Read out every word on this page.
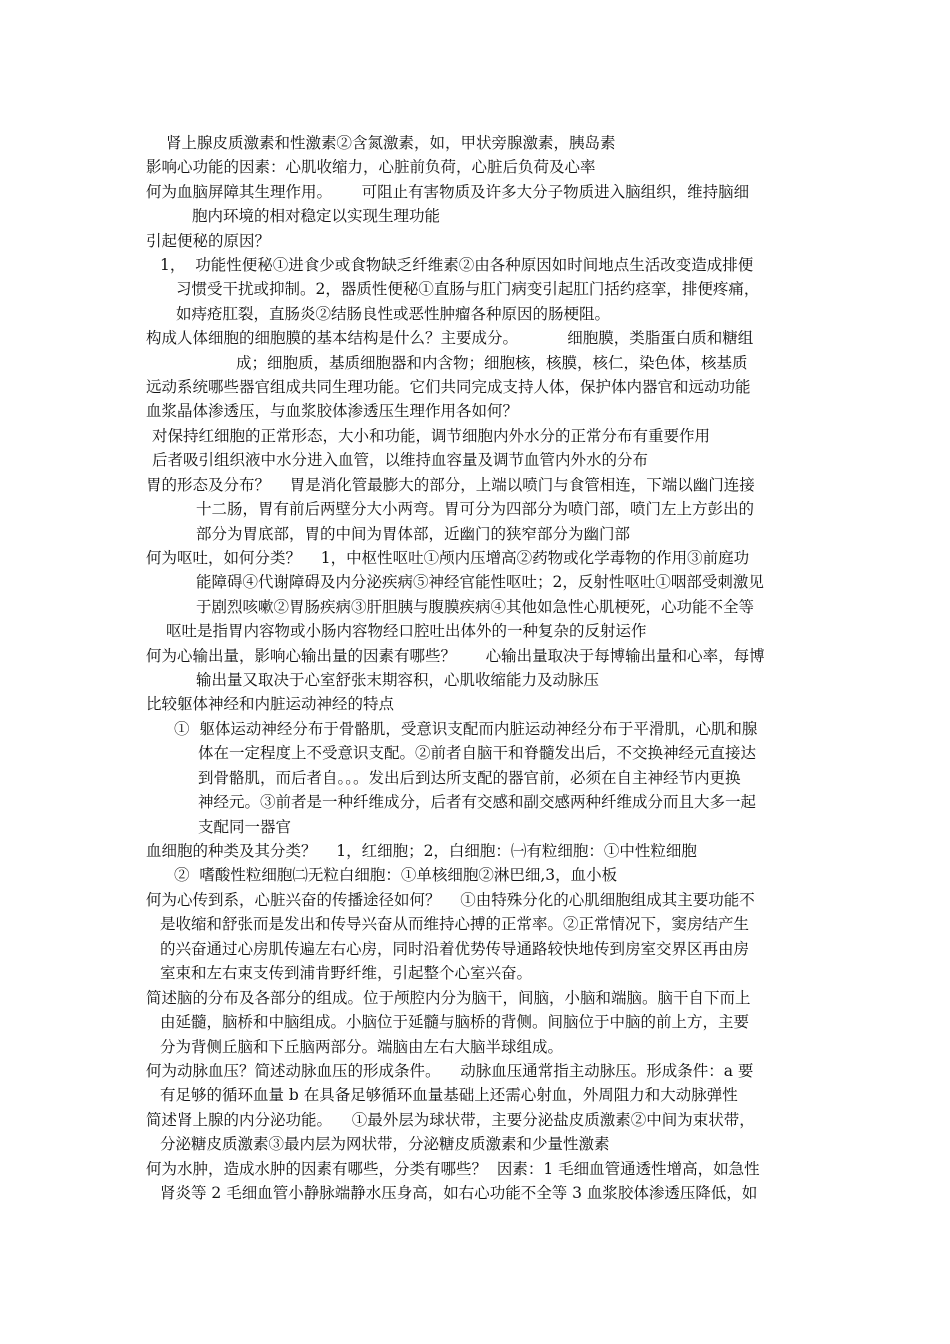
肾上腺皮质激素和性激素②含氮激素，如，甲状旁腺激素，胰岛素
影响心功能的因素：心肌收缩力，心脏前负荷，心脏后负荷及心率
何为血脑屏障其生理作用。      可阻止有害物质及许多大分子物质进入脑组织，维持脑细
胞内环境的相对稳定以实现生理功能
引起便秘的原因？
1，  功能性便秘①进食少或食物缺乏纤维素②由各种原因如时间地点生活改变造成排便
习惯受干扰或抑制。2，器质性便秘①直肠与肛门病变引起肛门括约痉挛，排便疼痛，
如痔疮肛裂，直肠炎②结肠良性或恶性肿瘤各种原因的肠梗阻。
构成人体细胞的细胞膜的基本结构是什么？主要成分。          细胞膜，类脂蛋白质和糖组
成；细胞质，基质细胞器和内含物；细胞核，核膜，核仁，染色体，核基质
远动系统哪些器官组成共同生理功能。它们共同完成支持人体，保护体内器官和远动功能
血浆晶体渗透压，与血浆胶体渗透压生理作用各如何？
对保持红细胞的正常形态，大小和功能，调节细胞内外水分的正常分布有重要作用
后者吸引组织液中水分进入血管，以维持血容量及调节血管内外水的分布
胃的形态及分布？    胃是消化管最膨大的部分，上端以喷门与食管相连，下端以幽门连接
十二肠，胃有前后两壁分大小两弯。胃可分为四部分为喷门部，喷门左上方彭出的
部分为胃底部，胃的中间为胃体部，近幽门的狭窄部分为幽门部
何为呕吐，如何分类？    1，中枢性呕吐①颅内压增高②药物或化学毒物的作用③前庭功
能障碍④代谢障碍及内分泌疾病⑤神经官能性呕吐；2，反射性呕吐①咽部受刺激见
于剧烈咳嗽②胃肠疾病③肝胆胰与腹膜疾病④其他如急性心肌梗死，心功能不全等
呕吐是指胃内容物或小肠内容物经口腔吐出体外的一种复杂的反射运作
何为心输出量，影响心输出量的因素有哪些？      心输出量取决于每博输出量和心率，每博
输出量又取决于心室舒张末期容积，心肌收缩能力及动脉压
比较躯体神经和内脏运动神经的特点
①  躯体运动神经分布于骨骼肌，受意识支配而内脏运动神经分布于平滑肌，心肌和腺
体在一定程度上不受意识支配。②前者自脑干和脊髓发出后，不交换神经元直接达
到骨骼肌，而后者自。。。发出后到达所支配的器官前，必须在自主神经节内更换
神经元。③前者是一种纤维成分，后者有交感和副交感两种纤维成分而且大多一起
支配同一器官
血细胞的种类及其分类？    1，红细胞；2，白细胞：㈠有粒细胞：①中性粒细胞
②  嗜酸性粒细胞㈡无粒白细胞：①单核细胞②淋巴细,3，血小板
何为心传到系，心脏兴奋的传播途径如何？    ①由特殊分化的心肌细胞组成其主要功能不
是收缩和舒张而是发出和传导兴奋从而维持心搏的正常率。②正常情况下，窦房结产生
的兴奋通过心房肌传遍左右心房，同时沿着优势传导通路较快地传到房室交界区再由房
室束和左右束支传到浦肯野纤维，引起整个心室兴奋。
简述脑的分布及各部分的组成。位于颅腔内分为脑干，间脑，小脑和端脑。脑干自下而上
由延髓，脑桥和中脑组成。小脑位于延髓与脑桥的背侧。间脑位于中脑的前上方，主要
分为背侧丘脑和下丘脑两部分。端脑由左右大脑半球组成。
何为动脉血压？简述动脉血压的形成条件。    动脉血压通常指主动脉压。形成条件：a 要
有足够的循环血量 b 在具备足够循环血量基础上还需心射血，外周阻力和大动脉弹性
简述肾上腺的内分泌功能。    ①最外层为球状带，主要分泌盐皮质激素②中间为束状带，
分泌糖皮质激素③最内层为网状带，分泌糖皮质激素和少量性激素
何为水肿，造成水肿的因素有哪些，分类有哪些？  因素：1 毛细血管通透性增高，如急性
肾炎等 2 毛细血管小静脉端静水压身高，如右心功能不全等 3 血浆胶体渗透压降低，如
